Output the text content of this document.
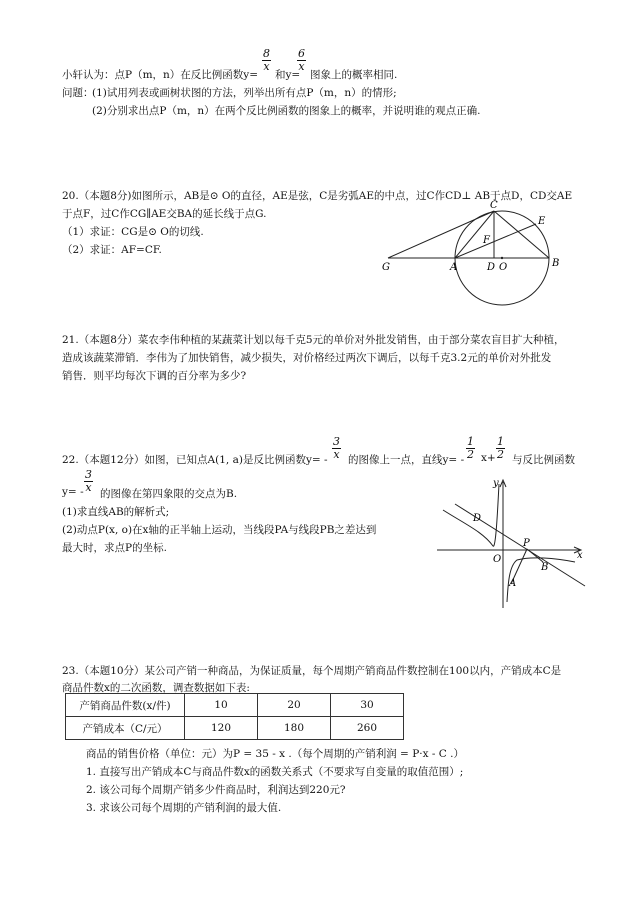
$\frac{8}{x} \frac{6}{x}$
小轩认为：点P（m，n）在反比例函数y= 和y= 图象上的概率相同.
问题：
(1)试用列表或画树状图的方法，列举出所有点P（m，n）的情形;
(2)分别求出点P（m，n）在两个反比例函数的图象上的概率，并说明谁的观点正确.
20.（本题8分)如图所示，AB是⊙ O的直径，AE是弦，C是劣弧AE的中点，过C作CD⊥ AB于点D，CD交AE
于点F，过C作CG∥AE交BA的延长线于点G.
（1）求证：CG是⊙ O的切线.
（2）求证：AF=CF.
G	A	D O	B
C
E
F
21.（本题8分）菜农李伟种植的某蔬菜计划以每千克5元的单价对外批发销售，由于部分菜农盲目扩大种植，
造成该蔬菜滞销．李伟为了加快销售，减少损失，对价格经过两次下调后，以每千克3.2元的单价对外批发
销售．则平均每次下调的百分率为多少?
22.（本题12分）如图，已知点A(1, a)是反比例函数$y= - \frac{3}{x}$ 的图像上一点，直线$y= - \frac{1}{2} x+ \frac{1}{2}$ 与反比例函数
$y= - \frac{3}{x}$ 的图像在第四象限的交点为B.
(1)求直线AB的解析式;
(2)动点P(x, o)在x轴的正半轴上运动，当线段PA与线段PB之差达到
最大时，求点P的坐标.
y
x
O
D
P
B
A
23.（本题10分）某公司产销一种商品，为保证质量，每个周期产销商品件数控制在100以内，产销成本C是
商品件数x的二次函数，调查数据如下表:
产销商品件数(x/件)	10	20	30
产销成本（C/元）	120	180	260
商品的销售价格（单位：元）为P = 35 - x .（每个周期的产销利润 = P·x - C .）
1. 直接写出产销成本C与商品件数x的函数关系式（不要求写自变量的取值范围）;
2. 该公司每个周期产销多少件商品时，利润达到220元?
3. 求该公司每个周期的产销利润的最大值.
